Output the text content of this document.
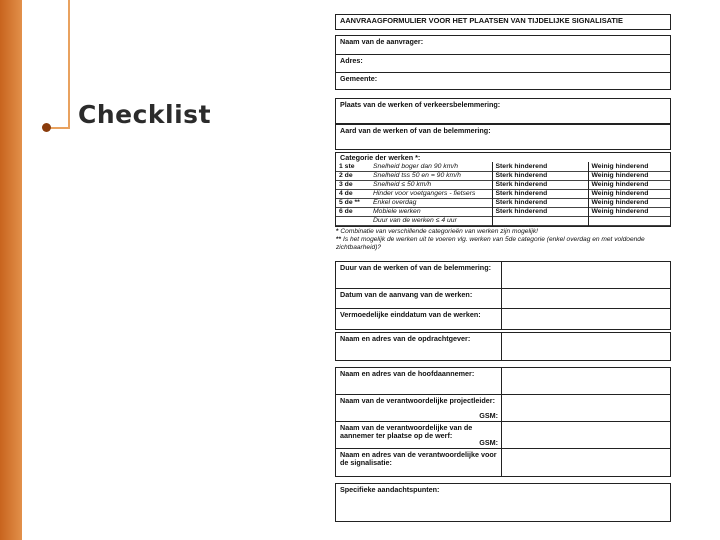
Checklist
AANVRAAGFORMULIER VOOR HET PLAATSEN VAN TIJDELIJKE SIGNALISATIE
Naam van de aanvrager:
Adres:
Gemeente:
Plaats van de werken of verkeersbelemmering:
Aard van de werken of van de belemmering:
Categorie der werken *:
1 ste	Snelheid boger dan 90 km/h	Sterk hinderend	Weinig hinderend
2 de	Snelheid tss 50 en = 90 km/h	Sterk hinderend	Weinig hinderend
3 de	Snelheid ≤ 50 km/h	Sterk hinderend	Weinig hinderend
4 de	Hinder voor voetgangers - fietsers	Sterk hinderend	Weinig hinderend
5 de **	Enkel overdag	Sterk hinderend	Weinig hinderend
6 de	Mobiele werken	Sterk hinderend	Weinig hinderend
	Duur van de werken ≤ 4 uur		
* Combinatie van verschillende categorieën van werken zijn mogelijk!
** Is het mogelijk de werken uit te voeren vlg. werken van 5de categorie (enkel overdag en met voldoende zichtbaarheid)?
Duur van de werken of van de belemmering:
Datum van de aanvang van de werken:
Vermoedelijke einddatum van de werken:
Naam en adres van de opdrachtgever:
Naam en adres van de hoofdaannemer:
Naam van de verantwoordelijke projectleider:
GSM:
Naam van de verantwoordelijke van de aannemer ter plaatse op de werf:
GSM:
Naam en adres van de verantwoordelijke voor de signalisatie:
Specifieke aandachtspunten:
